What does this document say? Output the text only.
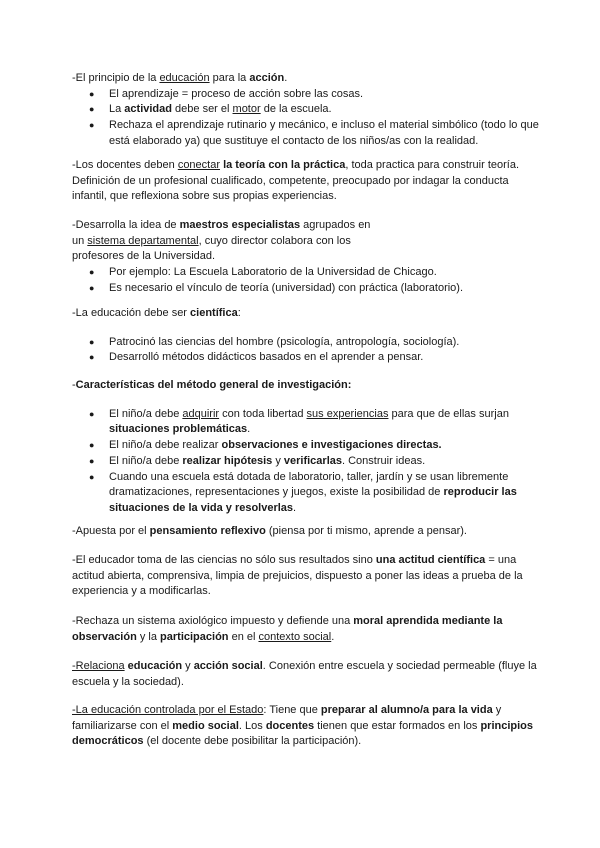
-El principio de la educación para la acción.

● El aprendizaje = proceso de acción sobre las cosas.
● La actividad debe ser el motor de la escuela.
● Rechaza el aprendizaje rutinario y mecánico, e incluso el material simbólico (todo lo que está elaborado ya) que sustituye el contacto de los niños/as con la realidad.

-Los docentes deben conectar la teoría con la práctica, toda practica para construir teoría. Definición de un profesional cualificado, competente, preocupado por indagar la conducta infantil, que reflexiona sobre sus propias experiencias.

-Desarrolla la idea de maestros especialistas agrupados en

un sistema departamental, cuyo director colabora con los

profesores de la Universidad.

● Por ejemplo: La Escuela Laboratorio de la Universidad de Chicago.
● Es necesario el vínculo de teoría (universidad) con práctica (laboratorio).

-La educación debe ser científica:

● Patrocinó las ciencias del hombre (psicología, antropología, sociología).
● Desarrolló métodos didácticos basados en el aprender a pensar.

-Características del método general de investigación:

● El niño/a debe adquirir con toda libertad sus experiencias para que de ellas surjan situaciones problemáticas.
● El niño/a debe realizar observaciones e investigaciones directas.
● El niño/a debe realizar hipótesis y verificarlas. Construir ideas.
● Cuando una escuela está dotada de laboratorio, taller, jardín y se usan libremente dramatizaciones, representaciones y juegos, existe la posibilidad de reproducir las situaciones de la vida y resolverlas.

-Apuesta por el pensamiento reflexivo (piensa por ti mismo, aprende a pensar).

-El educador toma de las ciencias no sólo sus resultados sino una actitud científica = una actitud abierta, comprensiva, limpia de prejuicios, dispuesto a poner las ideas a prueba de la experiencia y a modificarlas.

-Rechaza un sistema axiológico impuesto y defiende una moral aprendida mediante la observación y la participación en el contexto social.

-Relaciona educación y acción social. Conexión entre escuela y sociedad permeable (fluye la escuela y la sociedad).

-La educación controlada por el Estado: Tiene que preparar al alumno/a para la vida y familiarizarse con el medio social. Los docentes tienen que estar formados en los principios democráticos (el docente debe posibilitar la participación).
